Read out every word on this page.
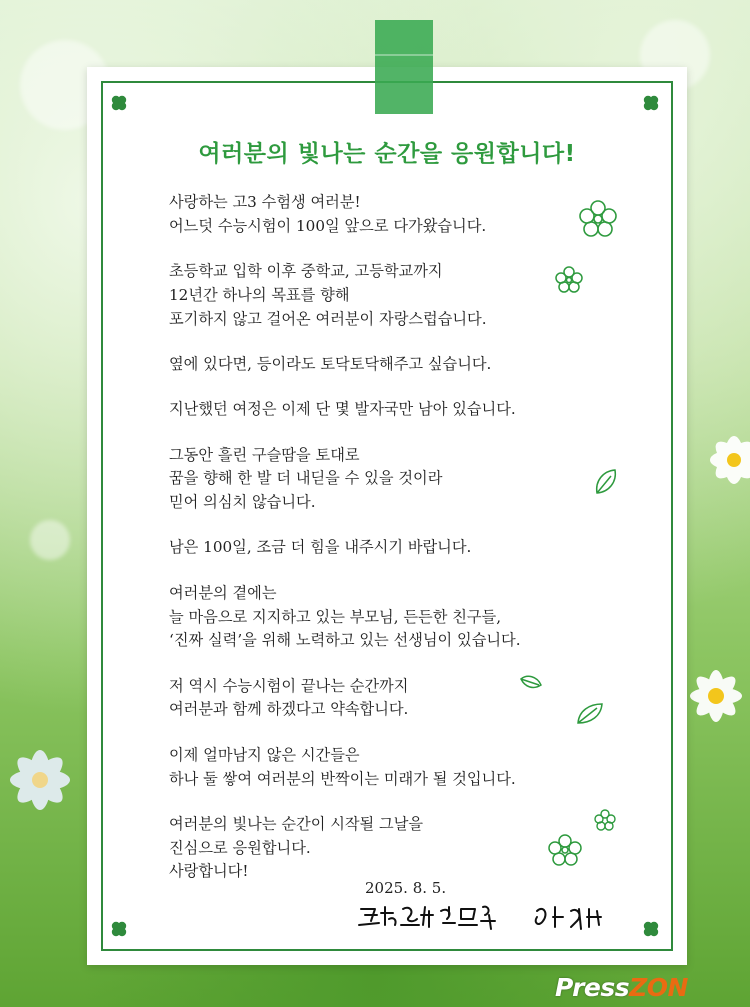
여러분의 빛나는 순간을 응원합니다!

사랑하는 고3 수험생 여러분!
어느덧 수능시험이 100일 앞으로 다가왔습니다.

초등학교 입학 이후 중학교, 고등학교까지
12년간 하나의 목표를 향해
포기하지 않고 걸어온 여러분이 자랑스럽습니다.

옆에 있다면, 등이라도 토닥토닥해주고 싶습니다.

지난했던 여정은 이제 단 몇 발자국만 남아 있습니다.

그동안 흘린 구슬땀을 토대로
꿈을 향해 한 발 더 내딛을 수 있을 것이라
믿어 의심치 않습니다.

남은 100일, 조금 더 힘을 내주시기 바랍니다.

여러분의 곁에는
늘 마음으로 지지하고 있는 부모님, 든든한 친구들,
‘진짜 실력’을 위해 노력하고 있는 선생님이 있습니다.

저 역시 수능시험이 끝나는 순간까지
여러분과 함께 하겠다고 약속합니다.

이제 얼마남지 않은 시간들은
하나 둘 쌓여 여러분의 반짝이는 미래가 될 것입니다.

여러분의 빛나는 순간이 시작될 그날을
진심으로 응원합니다.
사랑합니다!

2025. 8. 5.
PressZON
